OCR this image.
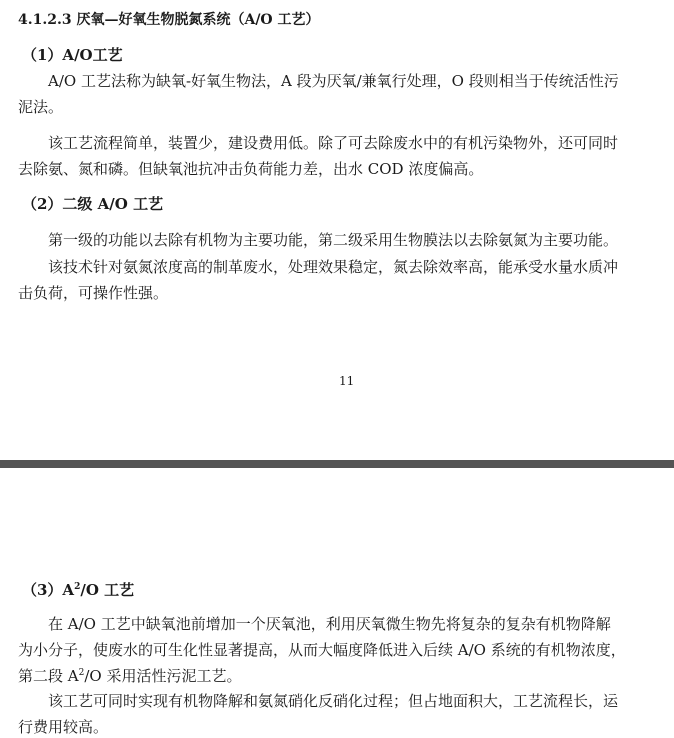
4.1.2.3 厌氧—好氧生物脱氮系统（A/O 工艺）

（1）A/O工艺

A/O 工艺法称为缺氧-好氧生物法，A 段为厌氧/兼氧行处理，O 段则相当于传统活性污

泥法。

该工艺流程简单，装置少，建设费用低。除了可去除废水中的有机污染物外，还可同时

去除氨、氮和磷。但缺氧池抗冲击负荷能力差，出水 COD 浓度偏高。

（2）二级 A/O 工艺

第一级的功能以去除有机物为主要功能，第二级采用生物膜法以去除氨氮为主要功能。

该技术针对氨氮浓度高的制革废水，处理效果稳定，氮去除效率高，能承受水量水质冲

击负荷，可操作性强。

11

$(3)A^2/O$ 工艺

在 A/O 工艺中缺氧池前增加一个厌氧池，利用厌氧微生物先将复杂的复杂有机物降解

为小分子，使废水的可生化性显著提高，从而大幅度降低进入后续 A/O 系统的有机物浓度，

第二段 $A^2/O$ 采用活性污泥工艺。

该工艺可同时实现有机物降解和氨氮硝化反硝化过程；但占地面积大，工艺流程长，运

行费用较高。
